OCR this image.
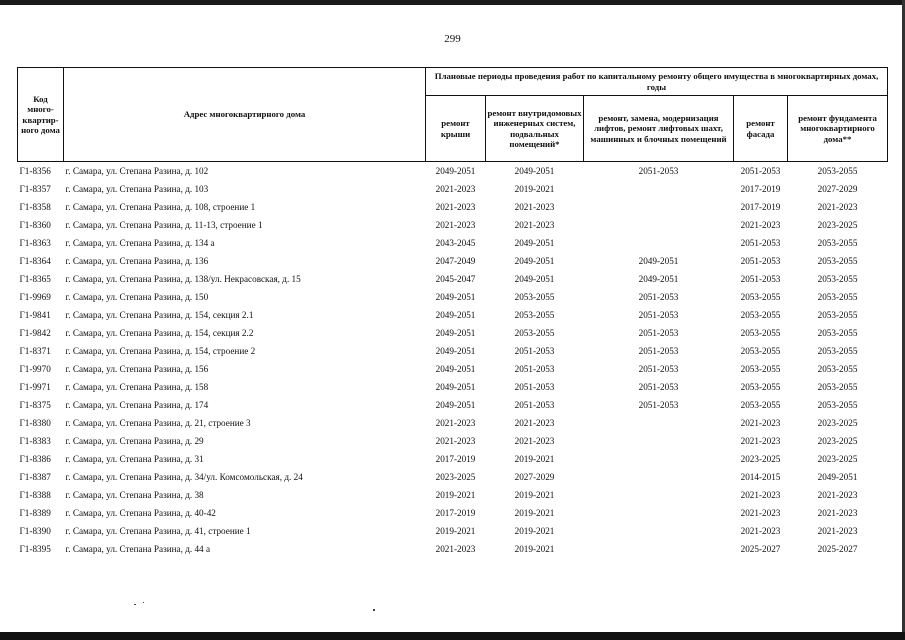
299
Код много-квартир-ного дома	Адрес многоквартирного дома	Плановые периоды проведения работ по капитальному ремонту общего имущества в многоквартирных домах, годы				
		ремонт крыши	ремонт внутридомовых инженерных систем, подвальных помещений*	ремонт, замена, модернизация лифтов, ремонт лифтовых шахт, машинных и блочных помещений	ремонт фасада	ремонт фундамента многоквартирного дома**
Г1-8356	г. Самара, ул. Степана Разина, д. 102	2049-2051	2049-2051	2051-2053	2051-2053	2053-2055
Г1-8357	г. Самара, ул. Степана Разина, д. 103	2021-2023	2019-2021		2017-2019	2027-2029
Г1-8358	г. Самара, ул. Степана Разина, д. 108, строение 1	2021-2023	2021-2023		2017-2019	2021-2023
Г1-8360	г. Самара, ул. Степана Разина, д. 11-13, строение 1	2021-2023	2021-2023		2021-2023	2023-2025
Г1-8363	г. Самара, ул. Степана Разина, д. 134 а	2043-2045	2049-2051		2051-2053	2053-2055
Г1-8364	г. Самара, ул. Степана Разина, д. 136	2047-2049	2049-2051	2049-2051	2051-2053	2053-2055
Г1-8365	г. Самара, ул. Степана Разина, д. 138/ул. Некрасовская, д. 15	2045-2047	2049-2051	2049-2051	2051-2053	2053-2055
Г1-9969	г. Самара, ул. Степана Разина, д. 150	2049-2051	2053-2055	2051-2053	2053-2055	2053-2055
Г1-9841	г. Самара, ул. Степана Разина, д. 154, секция 2.1	2049-2051	2053-2055	2051-2053	2053-2055	2053-2055
Г1-9842	г. Самара, ул. Степана Разина, д. 154, секция 2.2	2049-2051	2053-2055	2051-2053	2053-2055	2053-2055
Г1-8371	г. Самара, ул. Степана Разина, д. 154, строение 2	2049-2051	2051-2053	2051-2053	2053-2055	2053-2055
Г1-9970	г. Самара, ул. Степана Разина, д. 156	2049-2051	2051-2053	2051-2053	2053-2055	2053-2055
Г1-9971	г. Самара, ул. Степана Разина, д. 158	2049-2051	2051-2053	2051-2053	2053-2055	2053-2055
Г1-8375	г. Самара, ул. Степана Разина, д. 174	2049-2051	2051-2053	2051-2053	2053-2055	2053-2055
Г1-8380	г. Самара, ул. Степана Разина, д. 21, строение 3	2021-2023	2021-2023		2021-2023	2023-2025
Г1-8383	г. Самара, ул. Степана Разина, д. 29	2021-2023	2021-2023		2021-2023	2023-2025
Г1-8386	г. Самара, ул. Степана Разина, д. 31	2017-2019	2019-2021		2023-2025	2023-2025
Г1-8387	г. Самара, ул. Степана Разина, д. 34/ул. Комсомольская, д. 24	2023-2025	2027-2029		2014-2015	2049-2051
Г1-8388	г. Самара, ул. Степана Разина, д. 38	2019-2021	2019-2021		2021-2023	2021-2023
Г1-8389	г. Самара, ул. Степана Разина, д. 40-42	2017-2019	2019-2021		2021-2023	2021-2023
Г1-8390	г. Самара, ул. Степана Разина, д. 41, строение 1	2019-2021	2019-2021		2021-2023	2021-2023
Г1-8395	г. Самара, ул. Степана Разина, д. 44 а	2021-2023	2019-2021		2025-2027	2025-2027
